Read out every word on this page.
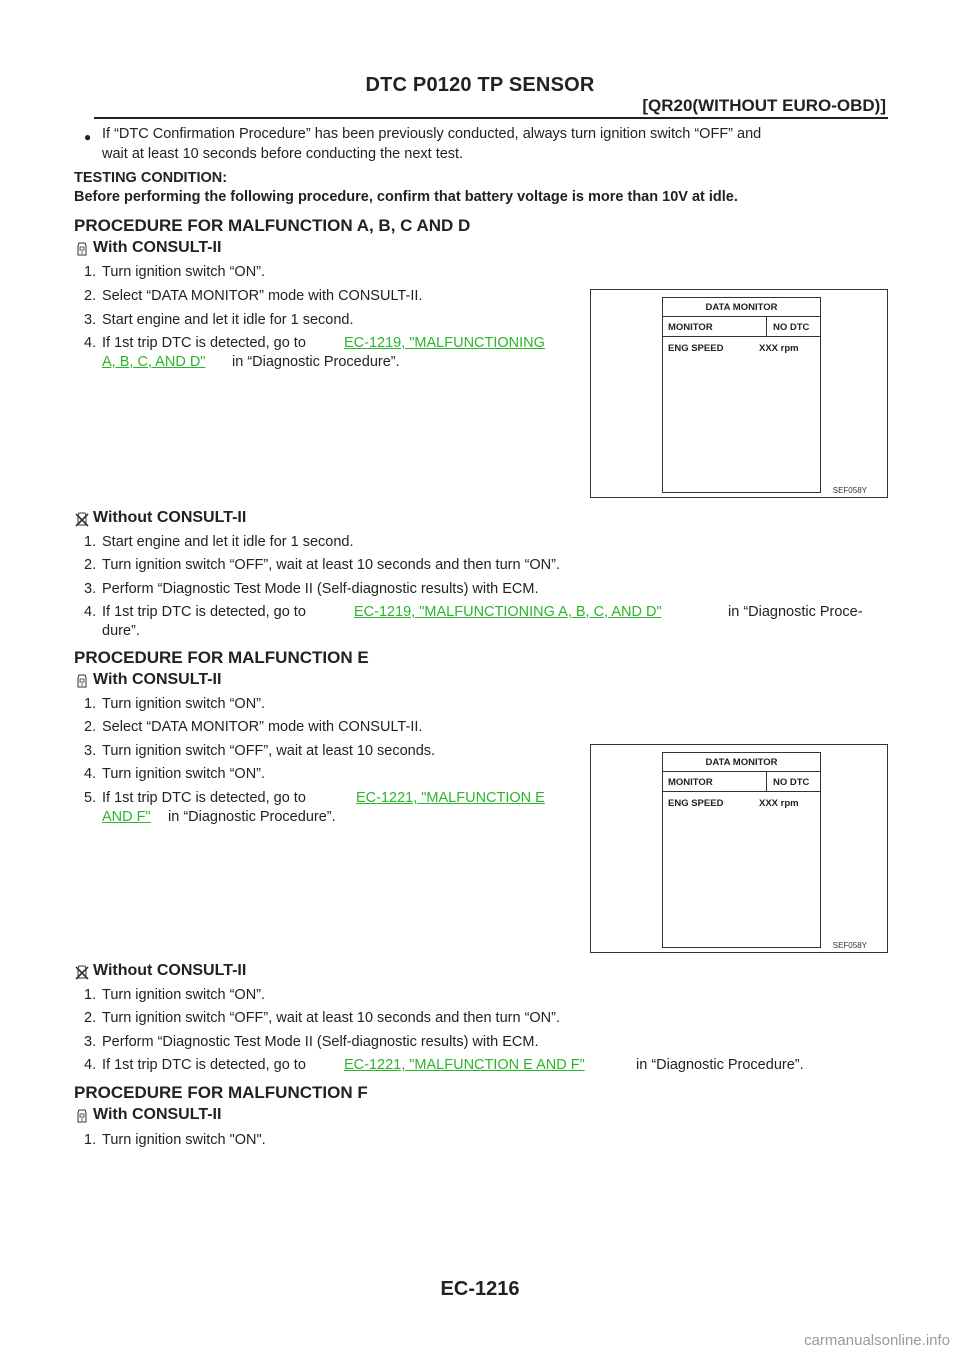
DTC P0120 TP SENSOR
[QR20(WITHOUT EURO-OBD)]
● If “DTC Confirmation Procedure” has been previously conducted, always turn ignition switch “OFF” and
wait at least 10 seconds before conducting the next test.
TESTING CONDITION:
Before performing the following procedure, confirm that battery voltage is more than 10V at idle.
PROCEDURE FOR MALFUNCTION A, B, C AND D
With CONSULT-II
1. Turn ignition switch “ON”.
2. Select “DATA MONITOR” mode with CONSULT-II.
3. Start engine and let it idle for 1 second.
4. If 1st trip DTC is detected, go to	EC-1219, "MALFUNCTIONING
A, B, C, AND D" in “Diagnostic Procedure”.
DATA MONITOR
MONITOR	NO DTC
ENG SPEED	XXX rpm
SEF058Y
Without CONSULT-II
1. Start engine and let it idle for 1 second.
2. Turn ignition switch “OFF”, wait at least 10 seconds and then turn “ON”.
3. Perform “Diagnostic Test Mode II (Self-diagnostic results) with ECM.
4. If 1st trip DTC is detected, go to	EC-1219, "MALFUNCTIONING A, B, C, AND D"	in “Diagnostic Proce-
dure”.
PROCEDURE FOR MALFUNCTION E
With CONSULT-II
1. Turn ignition switch “ON”.
2. Select “DATA MONITOR” mode with CONSULT-II.
3. Turn ignition switch “OFF”, wait at least 10 seconds.
4. Turn ignition switch “ON”.
5. If 1st trip DTC is detected, go to	EC-1221, "MALFUNCTION E
AND F" in “Diagnostic Procedure”.
DATA MONITOR
MONITOR	NO DTC
ENG SPEED	XXX rpm
SEF058Y
Without CONSULT-II
1. Turn ignition switch “ON”.
2. Turn ignition switch “OFF”, wait at least 10 seconds and then turn “ON”.
3. Perform “Diagnostic Test Mode II (Self-diagnostic results) with ECM.
4. If 1st trip DTC is detected, go to	EC-1221, "MALFUNCTION E AND F"	in “Diagnostic Procedure”.
PROCEDURE FOR MALFUNCTION F
With CONSULT-II
1. Turn ignition switch "ON".
EC-1216
carmanualsonline.info
